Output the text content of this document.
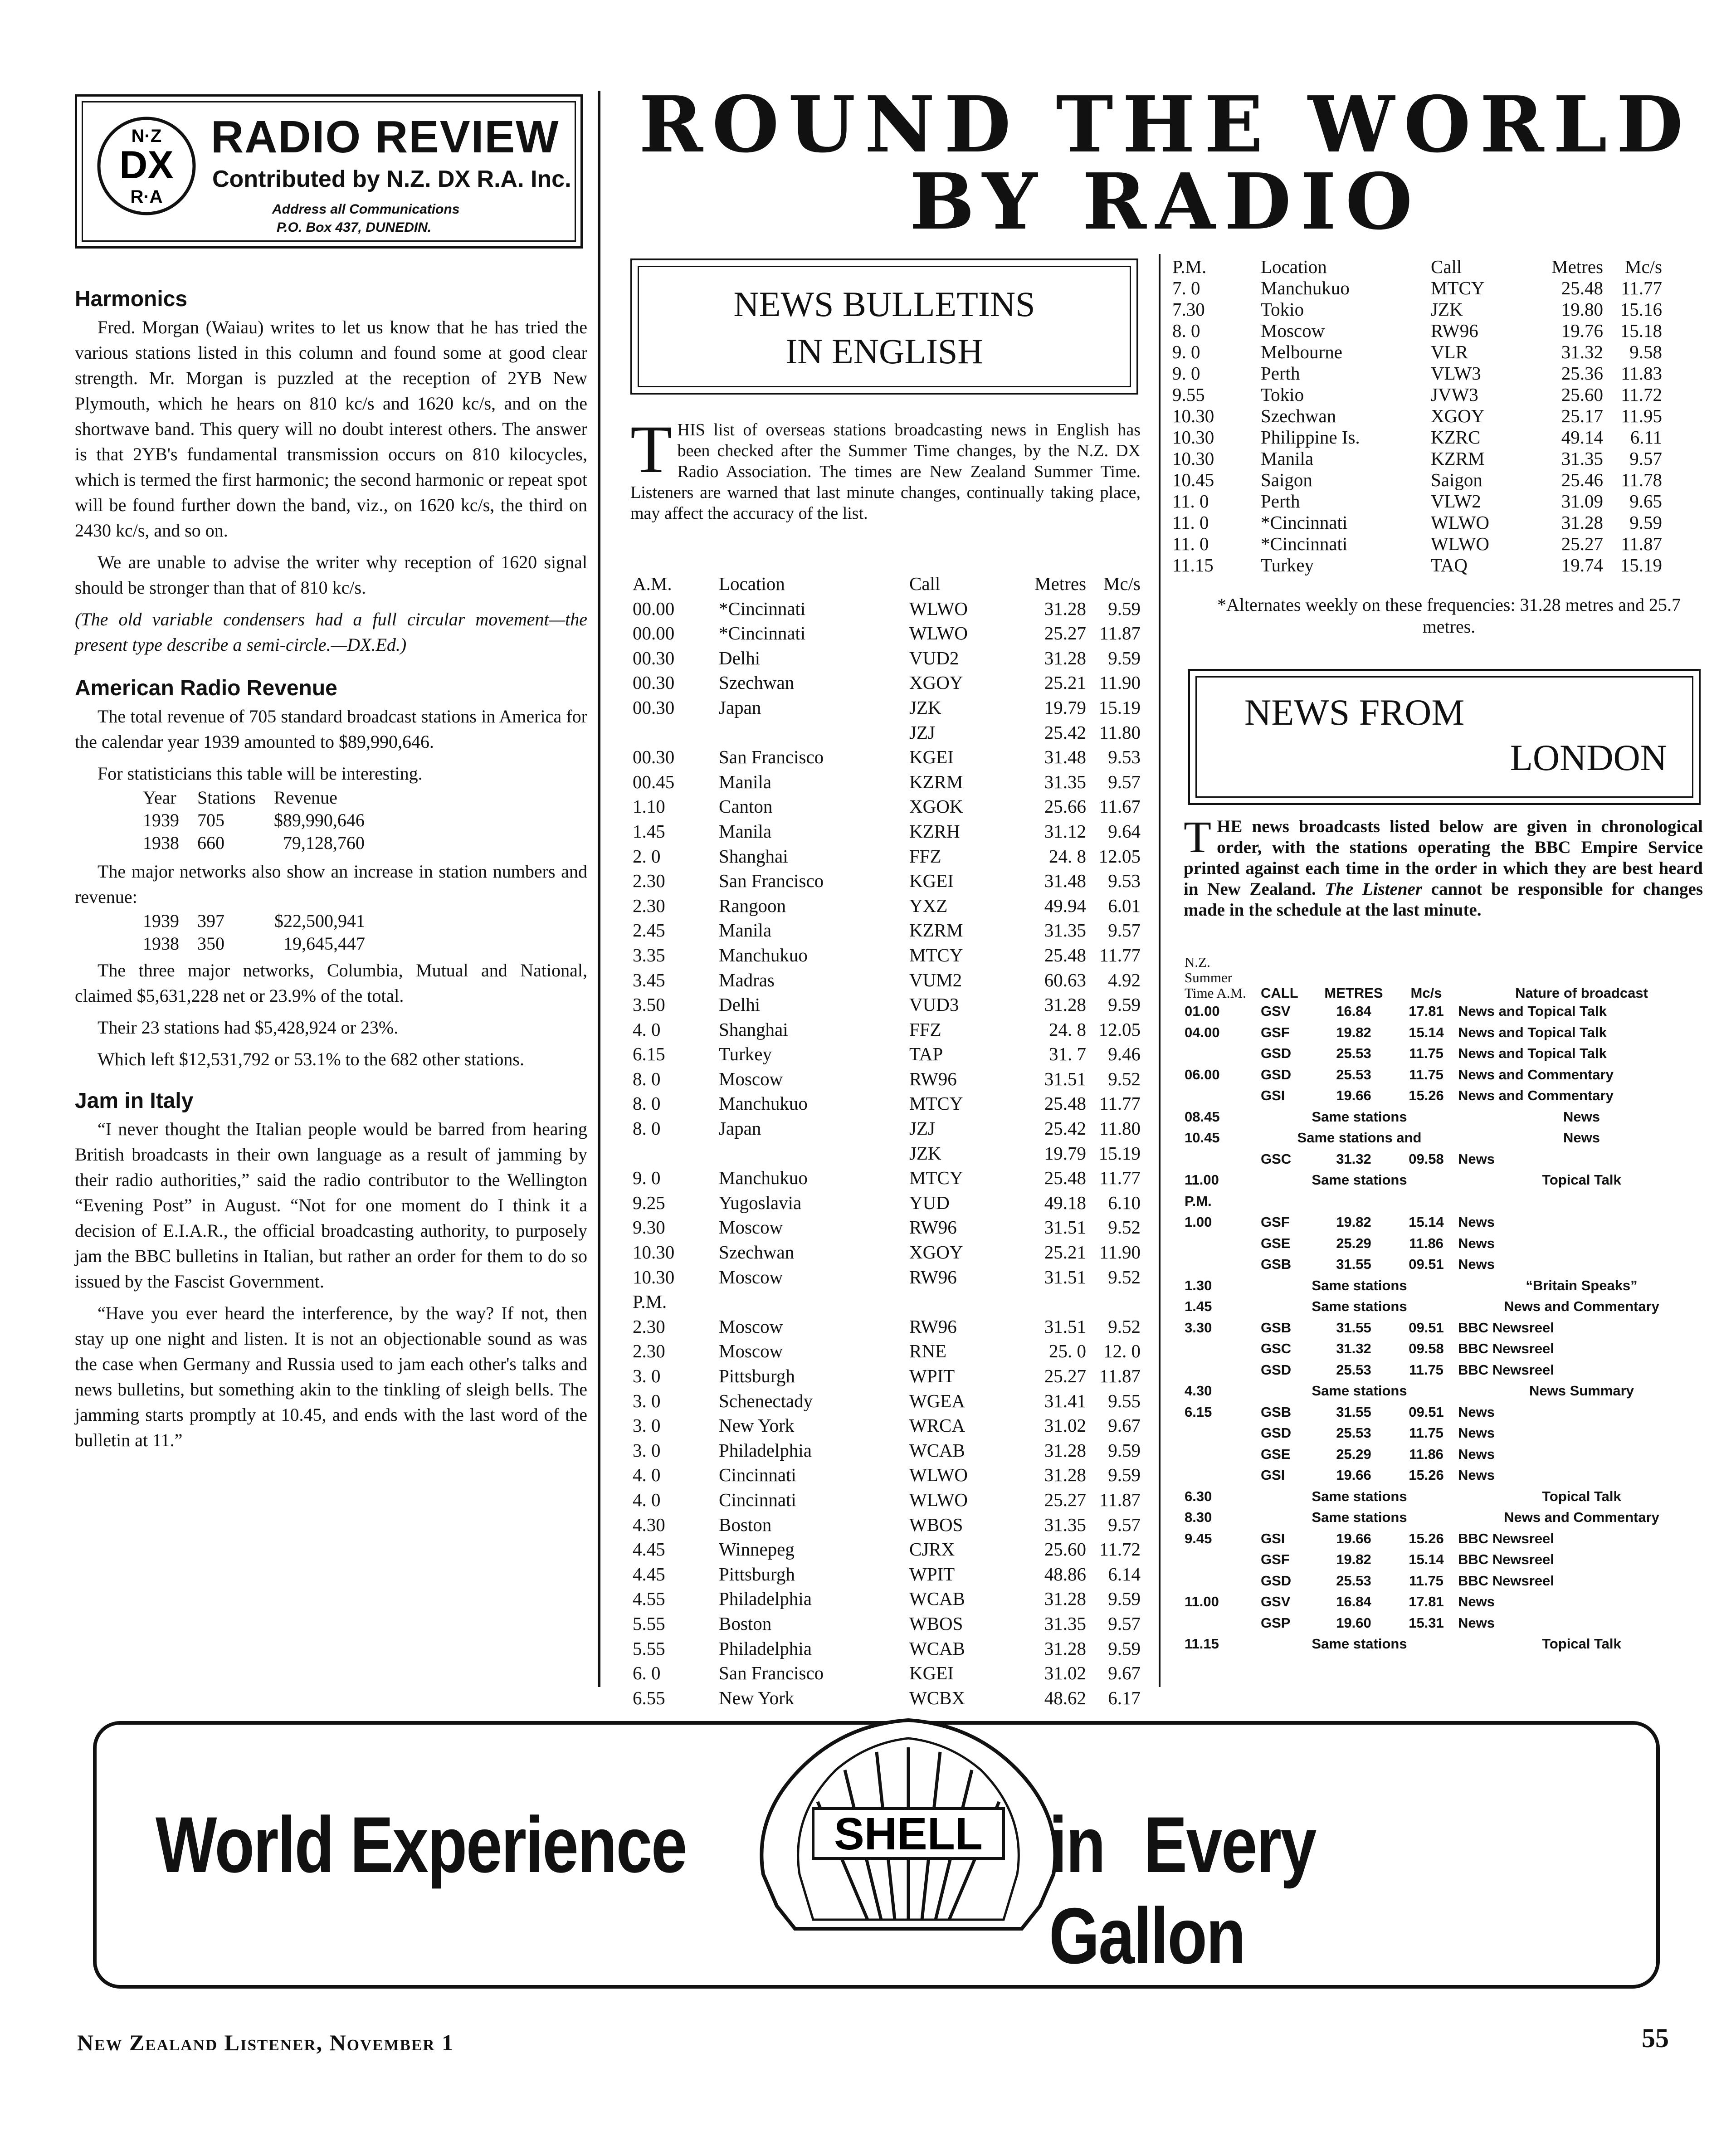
N·Z
DX
R·A
RADIO REVIEW
Contributed by N.Z. DX R.A. Inc.
Address all Communications
P.O. Box 437, DUNEDIN.
Harmonics

Fred. Morgan (Waiau) writes to let us know that he has tried the various stations listed in this column and found some at good clear strength. Mr. Morgan is puzzled at the reception of 2YB New Plymouth, which he hears on 810 kc/s and 1620 kc/s, and on the shortwave band. This query will no doubt interest others. The answer is that 2YB's fundamental transmission occurs on 810 kilocycles, which is termed the first harmonic; the second harmonic or repeat spot will be found further down the band, viz., on 1620 kc/s, the third on 2430 kc/s, and so on.

We are unable to advise the writer why reception of 1620 signal should be stronger than that of 810 kc/s.

(The old variable condensers had a full circular movement—the present type describe a semi-circle.—DX.Ed.)

American Radio Revenue

The total revenue of 705 standard broadcast stations in America for the calendar year 1939 amounted to $89,990,646.

For statisticians this table will be interesting.

Year	Stations	Revenue
1939	705	$89,990,646
1938	660	79,128,760

The major networks also show an increase in station numbers and revenue:

1939	397	$22,500,941
1938	350	19,645,447

The three major networks, Columbia, Mutual and National, claimed $5,631,228 net or 23.9% of the total.

Their 23 stations had $5,428,924 or 23%.

Which left $12,531,792 or 53.1% to the 682 other stations.

Jam in Italy

“I never thought the Italian people would be barred from hearing British broadcasts in their own language as a result of jamming by their radio authorities,” said the radio contributor to the Wellington “Evening Post” in August. “Not for one moment do I think it a decision of E.I.A.R., the official broadcasting authority, to purposely jam the BBC bulletins in Italian, but rather an order for them to do so issued by the Fascist Government.

“Have you ever heard the interference, by the way? If not, then stay up one night and listen. It is not an objectionable sound as was the case when Germany and Russia used to jam each other's talks and news bulletins, but something akin to the tinkling of sleigh bells. The jamming starts promptly at 10.45, and ends with the last word of the bulletin at 11.”

ROUND THE WORLD
BY RADIO
NEWS BULLETINS
IN ENGLISH
THIS list of overseas stations broadcasting news in English has been checked after the Summer Time changes, by the N.Z. DX Radio Association. The times are New Zealand Summer Time. Listeners are warned that last minute changes, continually taking place, may affect the accuracy of the list.
A.M.	Location	Call	Metres	Mc/s
00.00	*Cincinnati	WLWO	31.28	9.59
00.00	*Cincinnati	WLWO	25.27	11.87
00.30	Delhi	VUD2	31.28	9.59
00.30	Szechwan	XGOY	25.21	11.90
00.30	Japan	JZK	19.79	15.19
		JZJ	25.42	11.80
00.30	San Francisco	KGEI	31.48	9.53
00.45	Manila	KZRM	31.35	9.57
1.10	Canton	XGOK	25.66	11.67
1.45	Manila	KZRH	31.12	9.64
2. 0	Shanghai	FFZ	24. 8	12.05
2.30	San Francisco	KGEI	31.48	9.53
2.30	Rangoon	YXZ	49.94	6.01
2.45	Manila	KZRM	31.35	9.57
3.35	Manchukuo	MTCY	25.48	11.77
3.45	Madras	VUM2	60.63	4.92
3.50	Delhi	VUD3	31.28	9.59
4. 0	Shanghai	FFZ	24. 8	12.05
6.15	Turkey	TAP	31. 7	9.46
8. 0	Moscow	RW96	31.51	9.52
8. 0	Manchukuo	MTCY	25.48	11.77
8. 0	Japan	JZJ	25.42	11.80
		JZK	19.79	15.19
9. 0	Manchukuo	MTCY	25.48	11.77
9.25	Yugoslavia	YUD	49.18	6.10
9.30	Moscow	RW96	31.51	9.52
10.30	Szechwan	XGOY	25.21	11.90
10.30	Moscow	RW96	31.51	9.52
P.M.				
2.30	Moscow	RW96	31.51	9.52
2.30	Moscow	RNE	25. 0	12. 0
3. 0	Pittsburgh	WPIT	25.27	11.87
3. 0	Schenectady	WGEA	31.41	9.55
3. 0	New York	WRCA	31.02	9.67
3. 0	Philadelphia	WCAB	31.28	9.59
4. 0	Cincinnati	WLWO	31.28	9.59
4. 0	Cincinnati	WLWO	25.27	11.87
4.30	Boston	WBOS	31.35	9.57
4.45	Winnepeg	CJRX	25.60	11.72
4.45	Pittsburgh	WPIT	48.86	6.14
4.55	Philadelphia	WCAB	31.28	9.59
5.55	Boston	WBOS	31.35	9.57
5.55	Philadelphia	WCAB	31.28	9.59
6. 0	San Francisco	KGEI	31.02	9.67
6.55	New York	WCBX	48.62	6.17
P.M.	Location	Call	Metres	Mc/s
7. 0	Manchukuo	MTCY	25.48	11.77
7.30	Tokio	JZK	19.80	15.16
8. 0	Moscow	RW96	19.76	15.18
9. 0	Melbourne	VLR	31.32	9.58
9. 0	Perth	VLW3	25.36	11.83
9.55	Tokio	JVW3	25.60	11.72
10.30	Szechwan	XGOY	25.17	11.95
10.30	Philippine Is.	KZRC	49.14	6.11
10.30	Manila	KZRM	31.35	9.57
10.45	Saigon	Saigon	25.46	11.78
11. 0	Perth	VLW2	31.09	9.65
11. 0	*Cincinnati	WLWO	31.28	9.59
11. 0	*Cincinnati	WLWO	25.27	11.87
11.15	Turkey	TAQ	19.74	15.19
*Alternates weekly on these frequencies: 31.28 metres and 25.7 metres.
NEWS FROM
LONDON
THE news broadcasts listed below are given in chronological order, with the stations operating the BBC Empire Service printed against each time in the order in which they are best heard in New Zealand. The Listener cannot be responsible for changes made in the schedule at the last minute.
N.Z. Summer Time A.M.	CALL	METRES	Mc/s	Nature of broadcast
01.00	GSV	16.84	17.81	News and Topical Talk
04.00	GSF	19.82	15.14	News and Topical Talk
	GSD	25.53	11.75	News and Topical Talk
06.00	GSD	25.53	11.75	News and Commentary
	GSI	19.66	15.26	News and Commentary
08.45	Same stations			News
10.45	Same stations and			News
	GSC	31.32	09.58	News
11.00	Same stations			Topical Talk
P.M.				
1.00	GSF	19.82	15.14	News
	GSE	25.29	11.86	News
	GSB	31.55	09.51	News
1.30	Same stations			“Britain Speaks”
1.45	Same stations			News and Commentary
3.30	GSB	31.55	09.51	BBC Newsreel
	GSC	31.32	09.58	BBC Newsreel
	GSD	25.53	11.75	BBC Newsreel
4.30	Same stations			News Summary
6.15	GSB	31.55	09.51	News
	GSD	25.53	11.75	News
	GSE	25.29	11.86	News
	GSI	19.66	15.26	News
6.30	Same stations			Topical Talk
8.30	Same stations			News and Commentary
9.45	GSI	19.66	15.26	BBC Newsreel
	GSF	19.82	15.14	BBC Newsreel
	GSD	25.53	11.75	BBC Newsreel
11.00	GSV	16.84	17.81	News
	GSP	19.60	15.31	News
11.15	Same stations			Topical Talk
World Experience	SHELL in Every Gallon
New Zealand Listener, November 1	55
